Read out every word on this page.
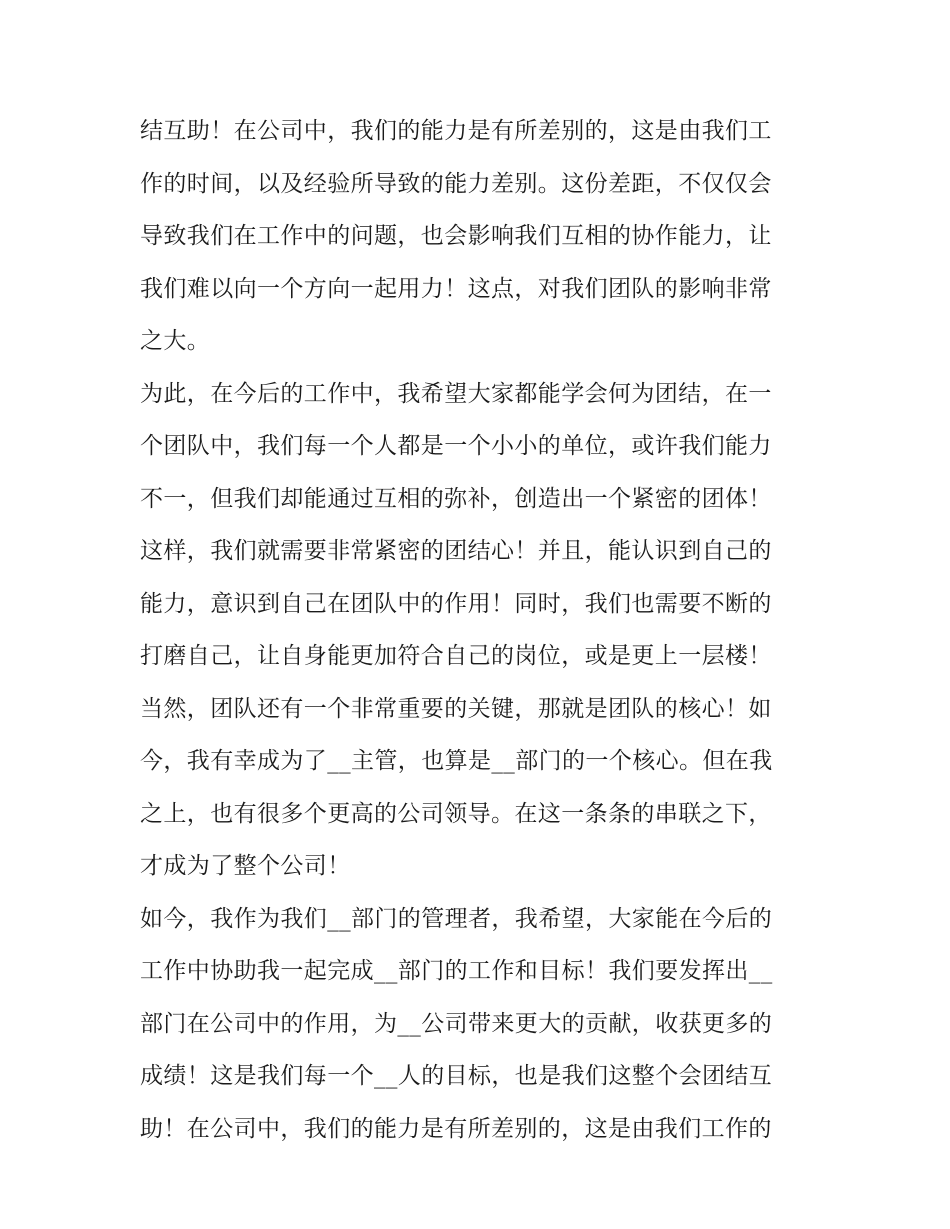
结互助！在公司中，我们的能力是有所差别的，这是由我们工
作的时间，以及经验所导致的能力差别。这份差距，不仅仅会
导致我们在工作中的问题，也会影响我们互相的协作能力，让
我们难以向一个方向一起用力！这点，对我们团队的影响非常
之大。
为此，在今后的工作中，我希望大家都能学会何为团结，在一
个团队中，我们每一个人都是一个小小的单位，或许我们能力
不一，但我们却能通过互相的弥补，创造出一个紧密的团体！
这样，我们就需要非常紧密的团结心！并且，能认识到自己的
能力，意识到自己在团队中的作用！同时，我们也需要不断的
打磨自己，让自身能更加符合自己的岗位，或是更上一层楼！
当然，团队还有一个非常重要的关键，那就是团队的核心！如
今，我有幸成为了__主管，也算是__部门的一个核心。但在我
之上，也有很多个更高的公司领导。在这一条条的串联之下，
才成为了整个公司！
如今，我作为我们__部门的管理者，我希望，大家能在今后的
工作中协助我一起完成__部门的工作和目标！我们要发挥出__
部门在公司中的作用，为__公司带来更大的贡献，收获更多的
成绩！这是我们每一个__人的目标，也是我们这整个会团结互
助！在公司中，我们的能力是有所差别的，这是由我们工作的
